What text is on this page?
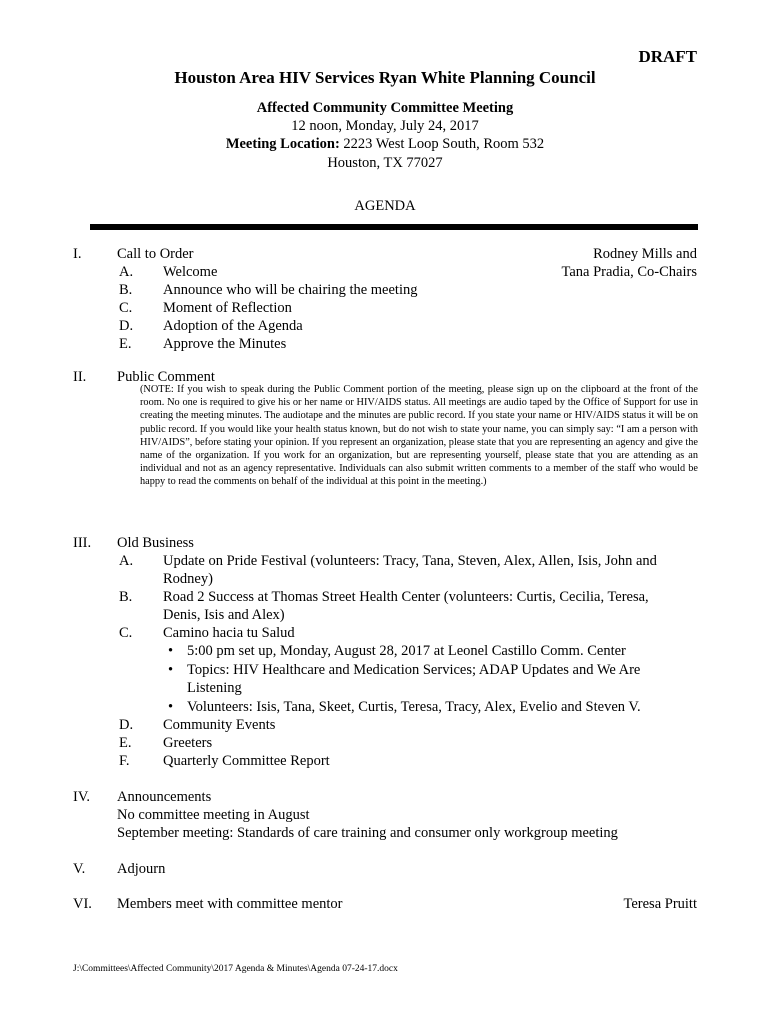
DRAFT
Houston Area HIV Services Ryan White Planning Council
Affected Community Committee Meeting
12 noon, Monday, July 24, 2017
Meeting Location: 2223 West Loop South, Room 532
Houston, TX 77027
AGENDA
I. Call to Order	Rodney Mills and
Tana Pradia, Co-Chairs
A. Welcome
B. Announce who will be chairing the meeting
C. Moment of Reflection
D. Adoption of the Agenda
E. Approve the Minutes
II. Public Comment
(NOTE: If you wish to speak during the Public Comment portion of the meeting, please sign up on the clipboard at the front of the room. No one is required to give his or her name or HIV/AIDS status. All meetings are audio taped by the Office of Support for use in creating the meeting minutes. The audiotape and the minutes are public record. If you state your name or HIV/AIDS status it will be on public record. If you would like your health status known, but do not wish to state your name, you can simply say: “I am a person with HIV/AIDS”, before stating your opinion. If you represent an organization, please state that you are representing an agency and give the name of the organization. If you work for an organization, but are representing yourself, please state that you are attending as an individual and not as an agency representative. Individuals can also submit written comments to a member of the staff who would be happy to read the comments on behalf of the individual at this point in the meeting.)
III. Old Business
A. Update on Pride Festival (volunteers: Tracy, Tana, Steven, Alex, Allen, Isis, John and
Rodney)
B. Road 2 Success at Thomas Street Health Center (volunteers: Curtis, Cecilia, Teresa,
Denis, Isis and Alex)
C. Camino hacia tu Salud
• 5:00 pm set up, Monday, August 28, 2017 at Leonel Castillo Comm. Center
• Topics: HIV Healthcare and Medication Services; ADAP Updates and We Are
Listening
• Volunteers: Isis, Tana, Skeet, Curtis, Teresa, Tracy, Alex, Evelio and Steven V.
D. Community Events
E. Greeters
F. Quarterly Committee Report
IV. Announcements
No committee meeting in August
September meeting: Standards of care training and consumer only workgroup meeting
V. Adjourn
VI. Members meet with committee mentor	Teresa Pruitt
J:\Committees\Affected Community\2017 Agenda & Minutes\Agenda 07-24-17.docx
